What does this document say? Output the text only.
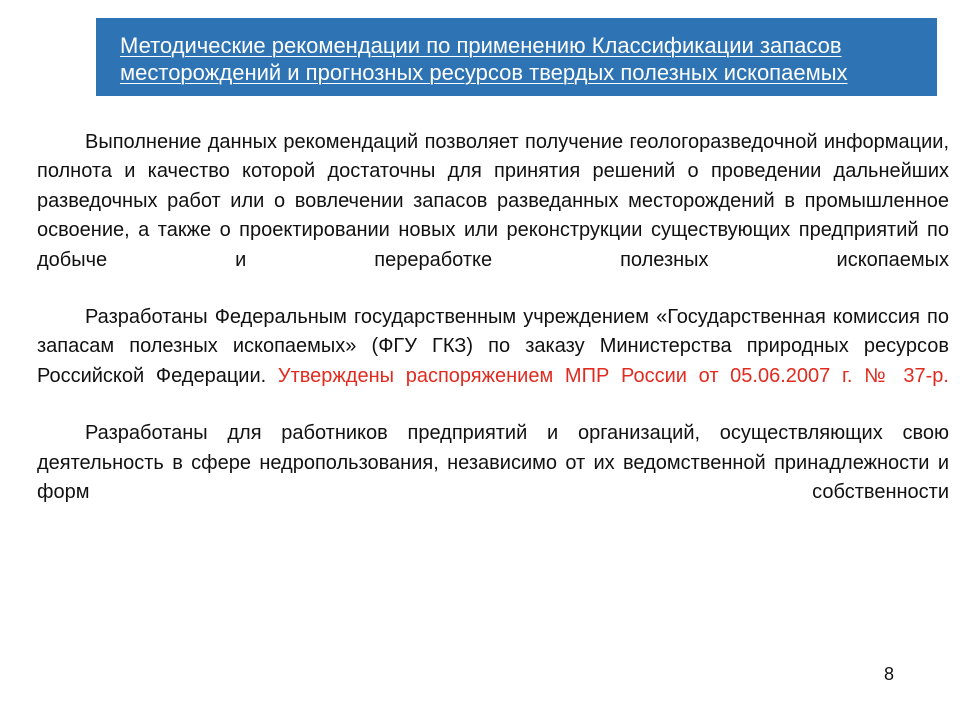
Методические рекомендации по применению Классификации запасов
месторождений и прогнозных ресурсов твердых полезных ископаемых

Выполнение данных рекомендаций позволяет получение геологоразведочной информации, полнота и качество которой достаточны для принятия решений о проведении дальнейших разведочных работ или о вовлечении запасов разведанных месторождений в промышленное освоение, а также о проектировании новых или реконструкции существующих предприятий по добыче и переработке полезных ископаемых

Разработаны Федеральным государственным учреждением «Государственная комиссия по запасам полезных ископаемых» (ФГУ ГКЗ) по заказу Министерства природных ресурсов Российской Федерации. Утверждены распоряжением МПР России от 05.06.2007 г. № 37-р.

Разработаны для работников предприятий и организаций, осуществляющих свою деятельность в сфере недропользования, независимо от их ведомственной принадлежности и форм собственности

8
